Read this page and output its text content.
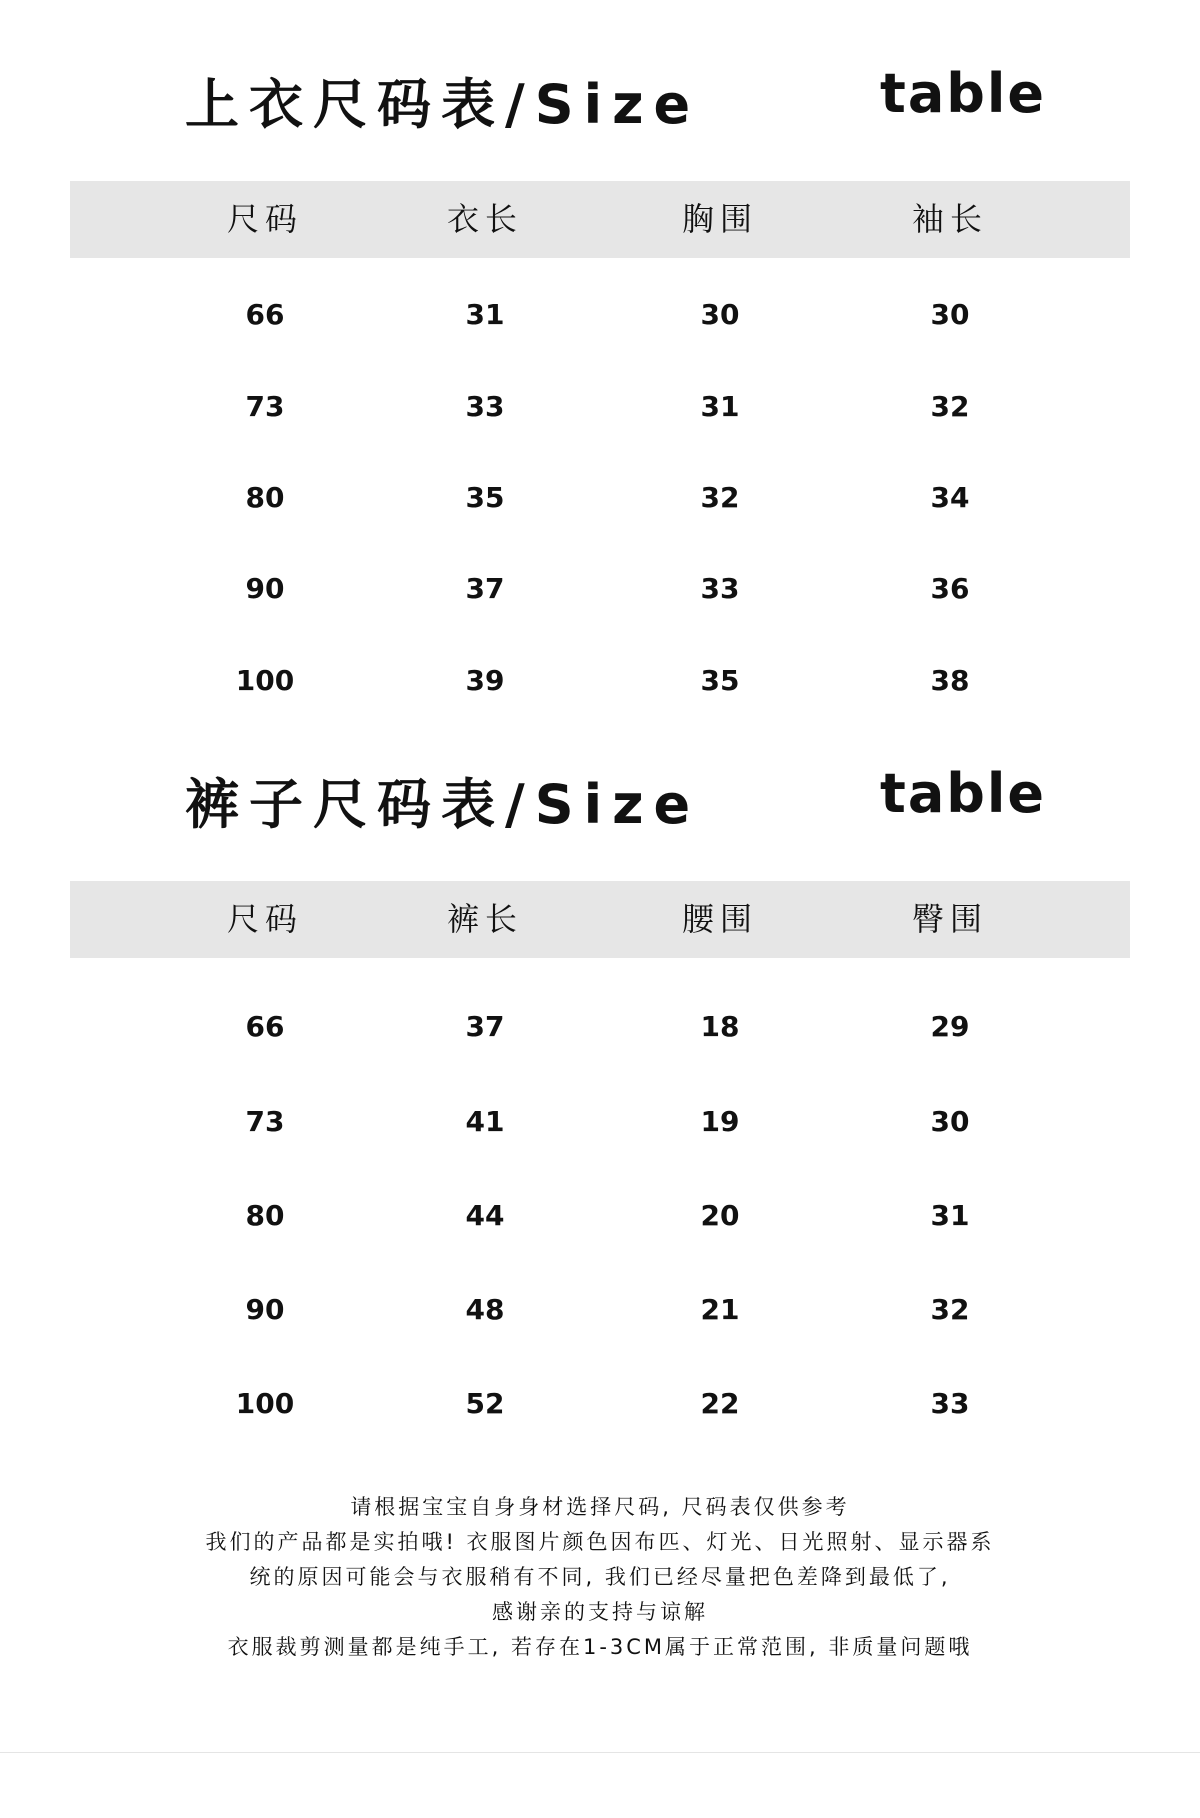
上衣尺码表/Size	table
尺码	衣长	胸围	袖长
66	31	30	30
73	33	31	32
80	35	32	34
90	37	33	36
100	39	35	38
裤子尺码表/Size	table
尺码	裤长	腰围	臀围
66	37	18	29
73	41	19	30
80	44	20	31
90	48	21	32
100	52	22	33
请根据宝宝自身身材选择尺码, 尺码表仅供参考
我们的产品都是实拍哦! 衣服图片颜色因布匹、灯光、日光照射、显示器系
统的原因可能会与衣服稍有不同, 我们已经尽量把色差降到最低了,
感谢亲的支持与谅解
衣服裁剪测量都是纯手工, 若存在1-3CM属于正常范围, 非质量问题哦
